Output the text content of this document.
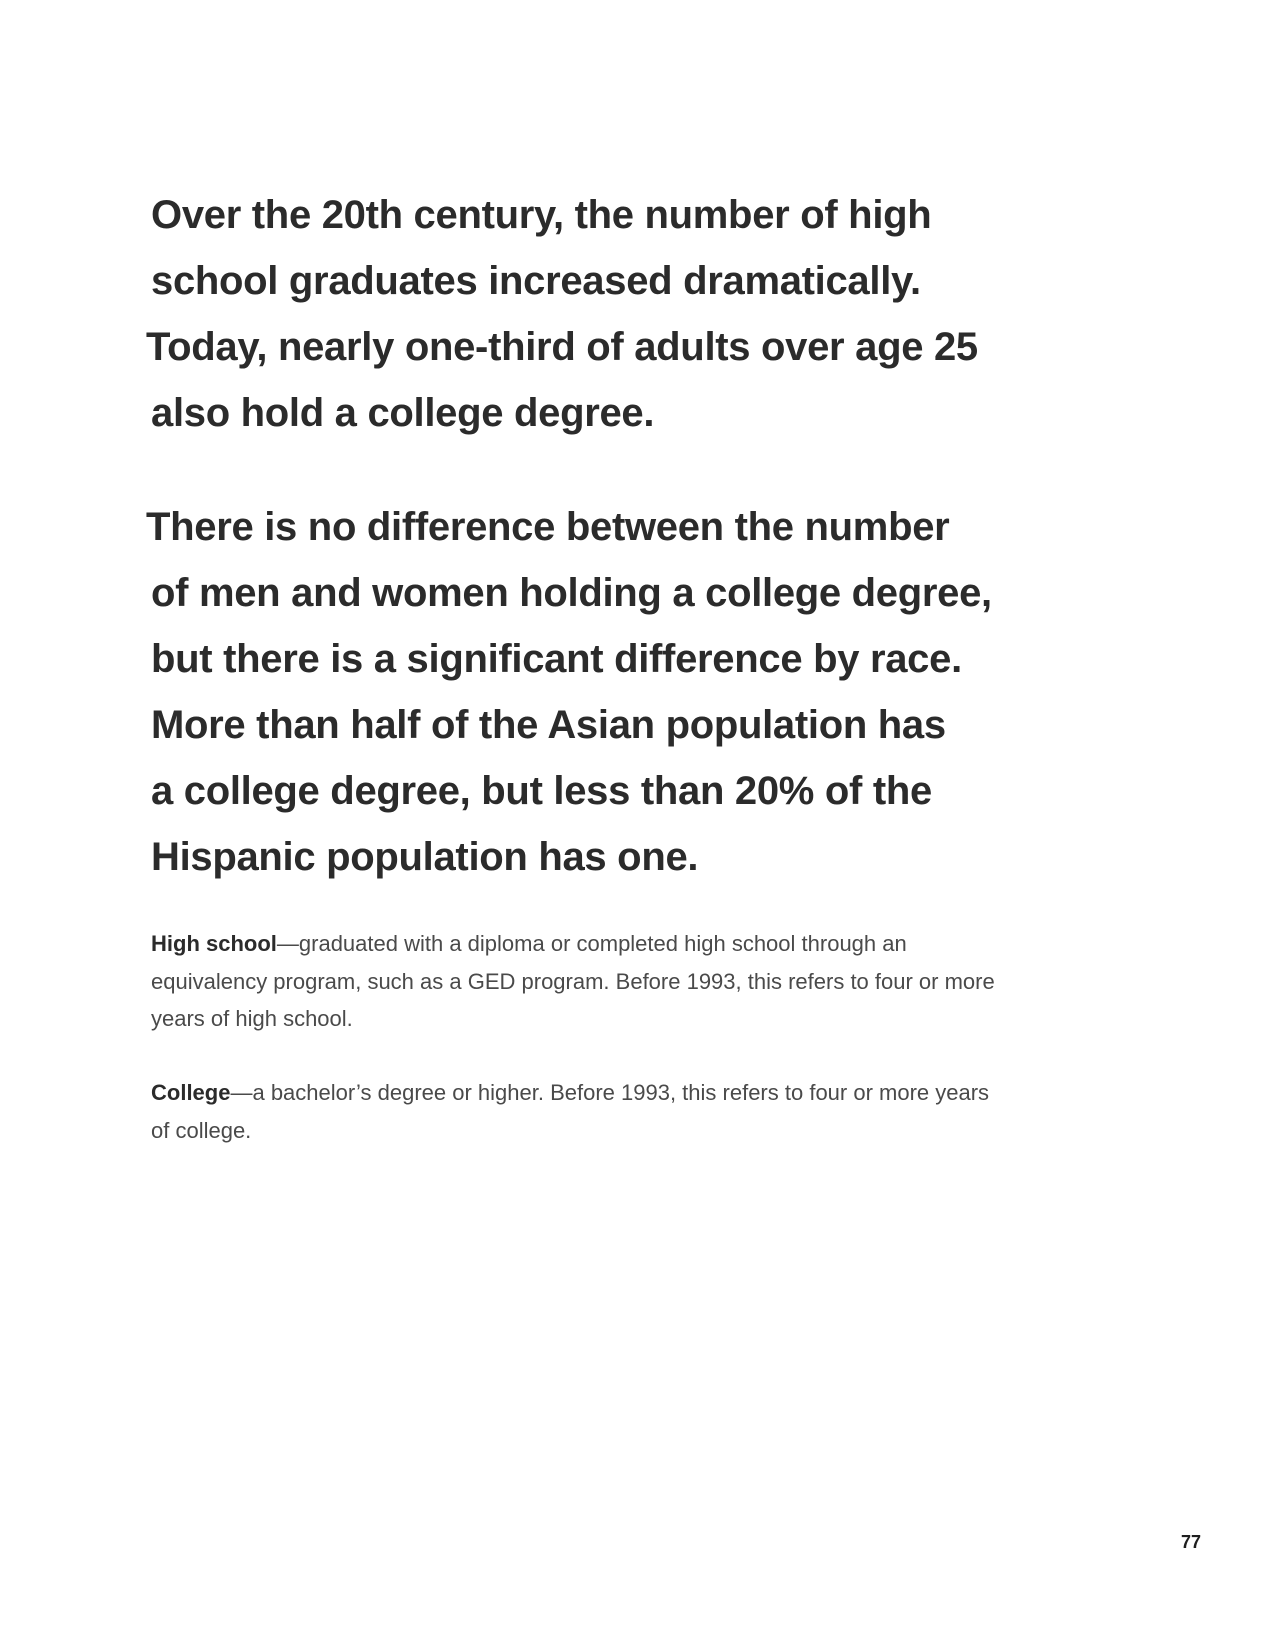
Over the 20th century, the number of high
school graduates increased dramatically.
Today, nearly one-third of adults over age 25
also hold a college degree.

There is no difference between the number
of men and women holding a college degree,
but there is a significant difference by race.
More than half of the Asian population has
a college degree, but less than 20% of the
Hispanic population has one.

High school—graduated with a diploma or completed high school through an
equivalency program, such as a GED program. Before 1993, this refers to four or more
years of high school.

College—a bachelor’s degree or higher. Before 1993, this refers to four or more years
of college.

77
